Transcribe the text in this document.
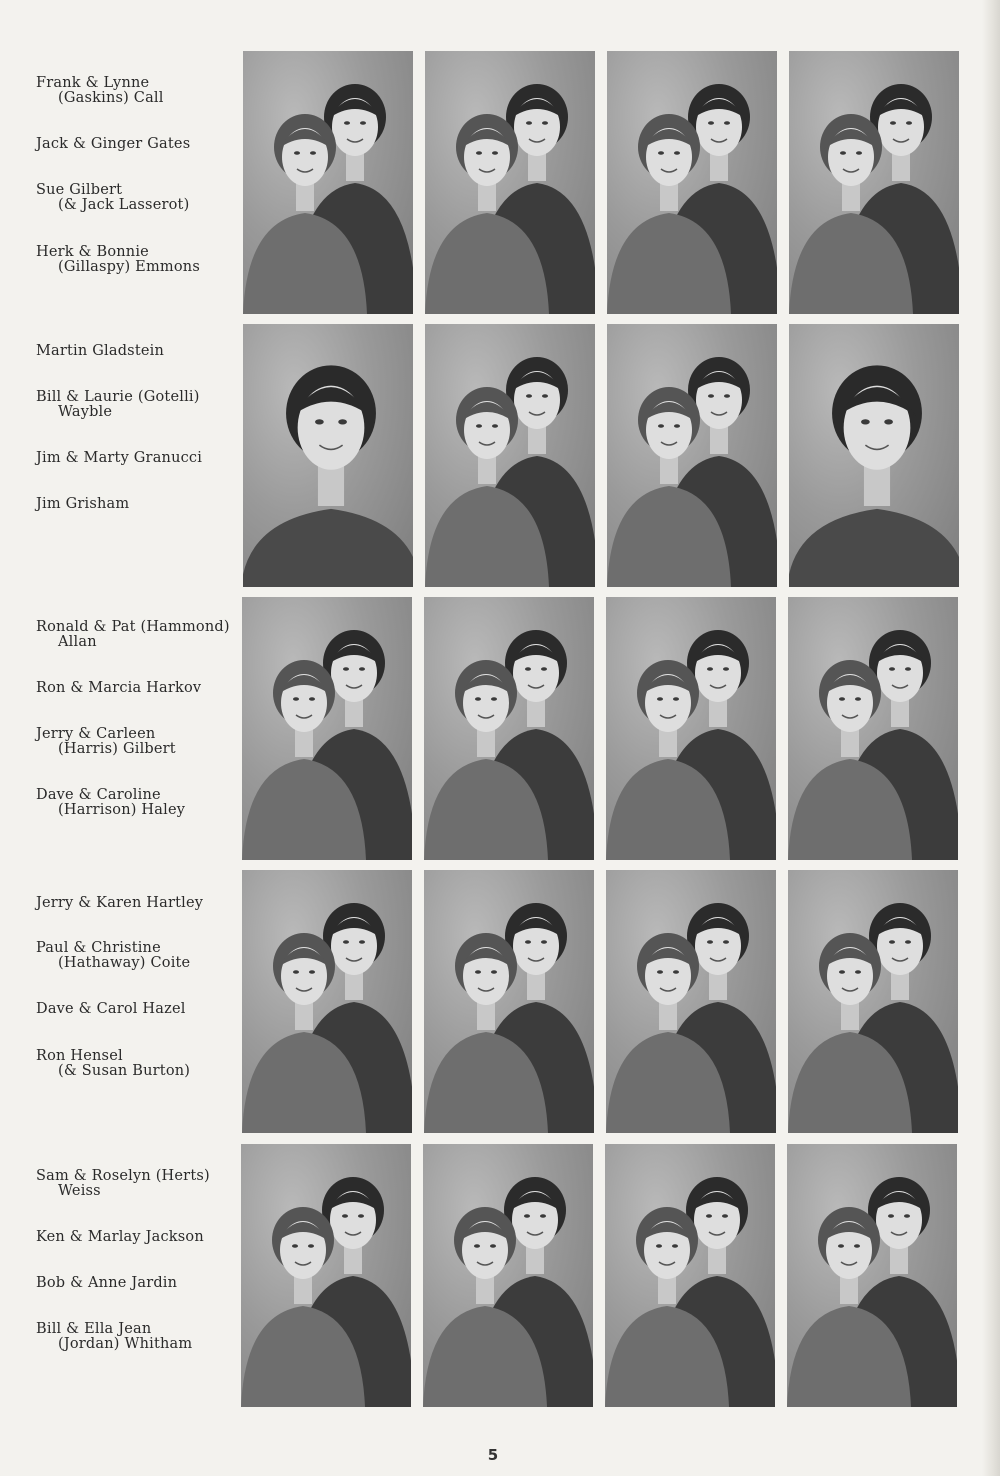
Frank & Lynne
(Gaskins) Call

Jack & Ginger Gates

Sue Gilbert
(& Jack Lasserot)

Herk & Bonnie
(Gillaspy) Emmons

Martin Gladstein

Bill & Laurie (Gotelli)
Wayble

Jim & Marty Granucci

Jim Grisham

Ronald & Pat (Hammond)
Allan

Ron & Marcia Harkov

Jerry & Carleen
(Harris) Gilbert

Dave & Caroline
(Harrison) Haley

Jerry & Karen Hartley

Paul & Christine
(Hathaway) Coite

Dave & Carol Hazel

Ron Hensel
(& Susan Burton)

Sam & Roselyn (Herts)
Weiss

Ken & Marlay Jackson

Bob & Anne Jardin

Bill & Ella Jean
(Jordan) Whitham

5
